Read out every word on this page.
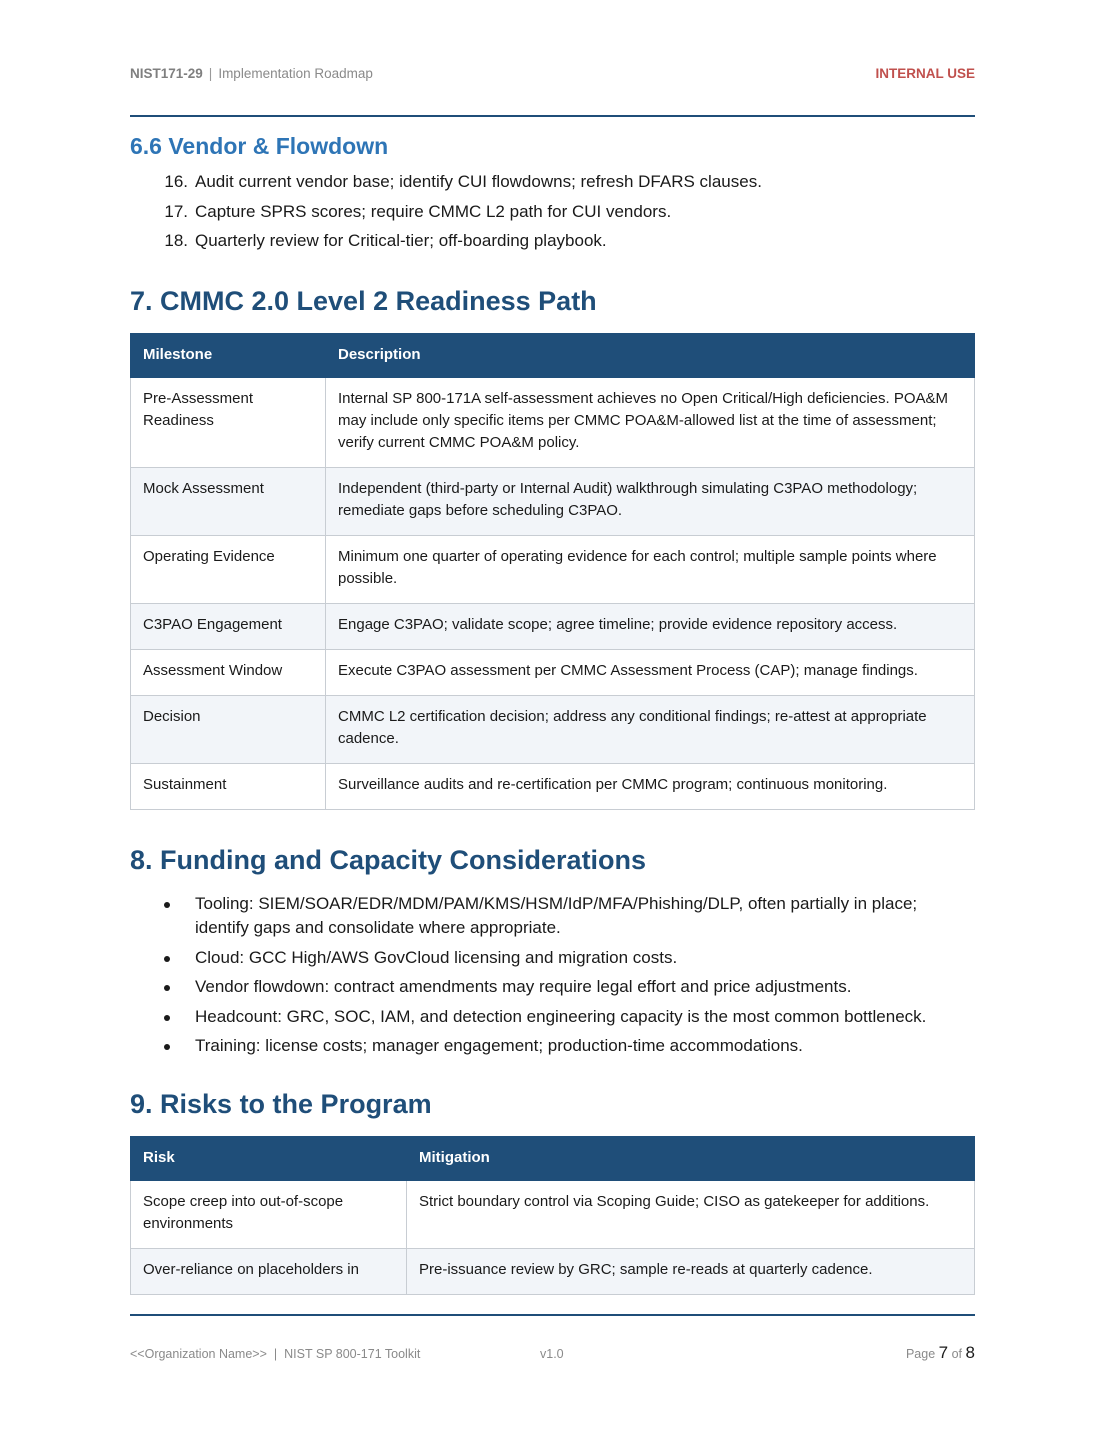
NIST171-29 | Implementation Roadmap	INTERNAL USE
6.6 Vendor & Flowdown
16. Audit current vendor base; identify CUI flowdowns; refresh DFARS clauses.
17. Capture SPRS scores; require CMMC L2 path for CUI vendors.
18. Quarterly review for Critical-tier; off-boarding playbook.
7. CMMC 2.0 Level 2 Readiness Path
Milestone	Description
Pre-Assessment Readiness	Internal SP 800-171A self-assessment achieves no Open Critical/High deficiencies. POA&M may include only specific items per CMMC POA&M-allowed list at the time of assessment; verify current CMMC POA&M policy.
Mock Assessment	Independent (third-party or Internal Audit) walkthrough simulating C3PAO methodology; remediate gaps before scheduling C3PAO.
Operating Evidence	Minimum one quarter of operating evidence for each control; multiple sample points where possible.
C3PAO Engagement	Engage C3PAO; validate scope; agree timeline; provide evidence repository access.
Assessment Window	Execute C3PAO assessment per CMMC Assessment Process (CAP); manage findings.
Decision	CMMC L2 certification decision; address any conditional findings; re-attest at appropriate cadence.
Sustainment	Surveillance audits and re-certification per CMMC program; continuous monitoring.
8. Funding and Capacity Considerations
Tooling: SIEM/SOAR/EDR/MDM/PAM/KMS/HSM/IdP/MFA/Phishing/DLP, often partially in place; identify gaps and consolidate where appropriate.
Cloud: GCC High/AWS GovCloud licensing and migration costs.
Vendor flowdown: contract amendments may require legal effort and price adjustments.
Headcount: GRC, SOC, IAM, and detection engineering capacity is the most common bottleneck.
Training: license costs; manager engagement; production-time accommodations.
9. Risks to the Program
Risk	Mitigation
Scope creep into out-of-scope environments	Strict boundary control via Scoping Guide; CISO as gatekeeper for additions.
Over-reliance on placeholders in	Pre-issuance review by GRC; sample re-reads at quarterly cadence.
<<Organization Name>> | NIST SP 800-171 Toolkit	v1.0	Page 7 of 8
